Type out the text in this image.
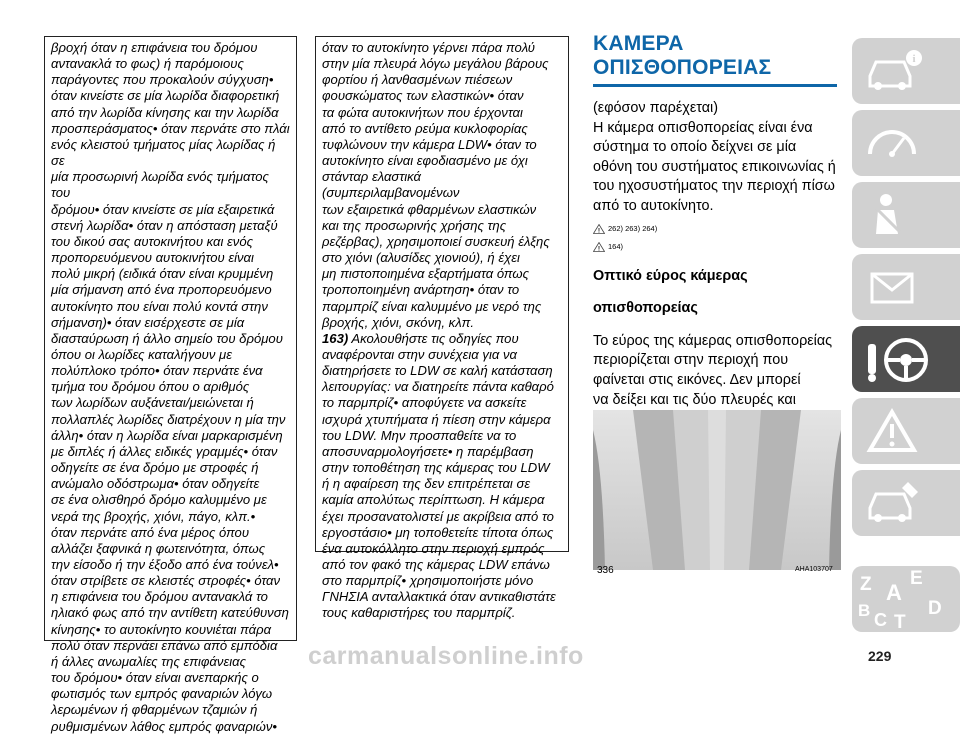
βροχή όταν η επιφάνεια του δρόμου

αντανακλά το φως) ή παρόμοιους

παράγοντες που προκαλούν σύγχυση•

όταν κινείστε σε μία λωρίδα διαφορετική

από την λωρίδα κίνησης και την λωρίδα

προσπεράσματος• όταν περνάτε στο πλάι

ενός κλειστού τμήματος μίας λωρίδας ή σε

μία προσωρινή λωρίδα ενός τμήματος του

δρόμου• όταν κινείστε σε μία εξαιρετικά

στενή λωρίδα• όταν η απόσταση μεταξύ

του δικού σας αυτοκινήτου και ενός

προπορευόμενου αυτοκινήτου είναι

πολύ μικρή (ειδικά όταν είναι κρυμμένη

μία σήμανση από ένα προπορευόμενο

αυτοκίνητο που είναι πολύ κοντά στην

σήμανση)• όταν εισέρχεστε σε μία

διασταύρωση ή άλλο σημείο του δρόμου

όπου οι λωρίδες καταλήγουν με

πολύπλοκο τρόπο• όταν περνάτε ένα

τμήμα του δρόμου όπου ο αριθμός

των λωρίδων αυξάνεται/μειώνεται ή

πολλαπλές λωρίδες διατρέχουν η μία την

άλλη• όταν η λωρίδα είναι μαρκαρισμένη

με διπλές ή άλλες ειδικές γραμμές• όταν

οδηγείτε σε ένα δρόμο με στροφές ή

ανώμαλο οδόστρωμα• όταν οδηγείτε

σε ένα ολισθηρό δρόμο καλυμμένο με

νερά της βροχής, χιόνι, πάγο, κλπ.•

όταν περνάτε από ένα μέρος όπου

αλλάζει ξαφνικά η φωτεινότητα, όπως

την είσοδο ή την έξοδο από ένα τούνελ•

όταν στρίβετε σε κλειστές στροφές• όταν

η επιφάνεια του δρόμου αντανακλά το

ηλιακό φως από την αντίθετη κατεύθυνση

κίνησης• το αυτοκίνητο κουνιέται πάρα

πολύ όταν περνάει επάνω από εμπόδια

ή άλλες ανωμαλίες της επιφάνειας

του δρόμου• όταν είναι ανεπαρκής ο

φωτισμός των εμπρός φαναριών λόγω

λερωμένων ή φθαρμένων τζαμιών ή

ρυθμισμένων λάθος εμπρός φαναριών•

όταν το αυτοκίνητο γέρνει πάρα πολύ

στην μία πλευρά λόγω μεγάλου βάρους

φορτίου ή λανθασμένων πιέσεων

φουσκώματος των ελαστικών• όταν

τα φώτα αυτοκινήτων που έρχονται

από το αντίθετο ρεύμα κυκλοφορίας

τυφλώνουν την κάμερα LDW• όταν το

αυτοκίνητο είναι εφοδιασμένο με όχι

στάνταρ ελαστικά (συμπεριλαμβανομένων

των εξαιρετικά φθαρμένων ελαστικών

και της προσωρινής χρήσης της

ρεζέρβας), χρησιμοποιεί συσκευή έλξης

στο χιόνι (αλυσίδες χιονιού), ή έχει

μη πιστοποιημένα εξαρτήματα όπως

τροποποιημένη ανάρτηση• όταν το

παρμπρίζ είναι καλυμμένο με νερό της

βροχής, χιόνι, σκόνη, κλπ.

163) Ακολουθήστε τις οδηγίες που

αναφέρονται στην συνέχεια για να

διατηρήσετε το LDW σε καλή κατάσταση

λειτουργίας: να διατηρείτε πάντα καθαρό

το παρμπρίζ• αποφύγετε να ασκείτε

ισχυρά χτυπήματα ή πίεση στην κάμερα

του LDW. Μην προσπαθείτε να το

αποσυναρμολογήσετε• η παρέμβαση

στην τοποθέτηση της κάμερας του LDW

ή η αφαίρεση της δεν επιτρέπεται σε

καμία απολύτως περίπτωση. Η κάμερα

έχει προσανατολιστεί με ακρίβεια από το

εργοστάσιο• μη τοποθετείτε τίποτα όπως

ένα αυτοκόλλητο στην περιοχή εμπρός

από τον φακό της κάμερας LDW επάνω

στο παρμπρίζ• χρησιμοποιήστε μόνο

ΓΝΗΣΙΑ ανταλλακτικά όταν αντικαθιστάτε

τους καθαριστήρες του παρμπρίζ.

ΚΑΜΕΡΑ ΟΠΙΣΘΟΠΟΡΕΙΑΣ

(εφόσον παρέχεται)

Η κάμερα οπισθοπορείας είναι ένα

σύστημα το οποίο δείχνει σε μία

οθόνη του συστήματος επικοινωνίας ή

του ηχοσυστήματος την περιοχή πίσω

από το αυτοκίνητο.

! 262) 263) 264)
! 164)

Οπτικό εύρος κάμερας

οπισθοπορείας

Το εύρος της κάμερας οπισθοπορείας

περιορίζεται στην περιοχή που

φαίνεται στις εικόνες. Δεν μπορεί

να δείξει και τις δύο πλευρές και

336	AHA103707
i
Z E
A
B C T
D
carmanualsonline.info	229
